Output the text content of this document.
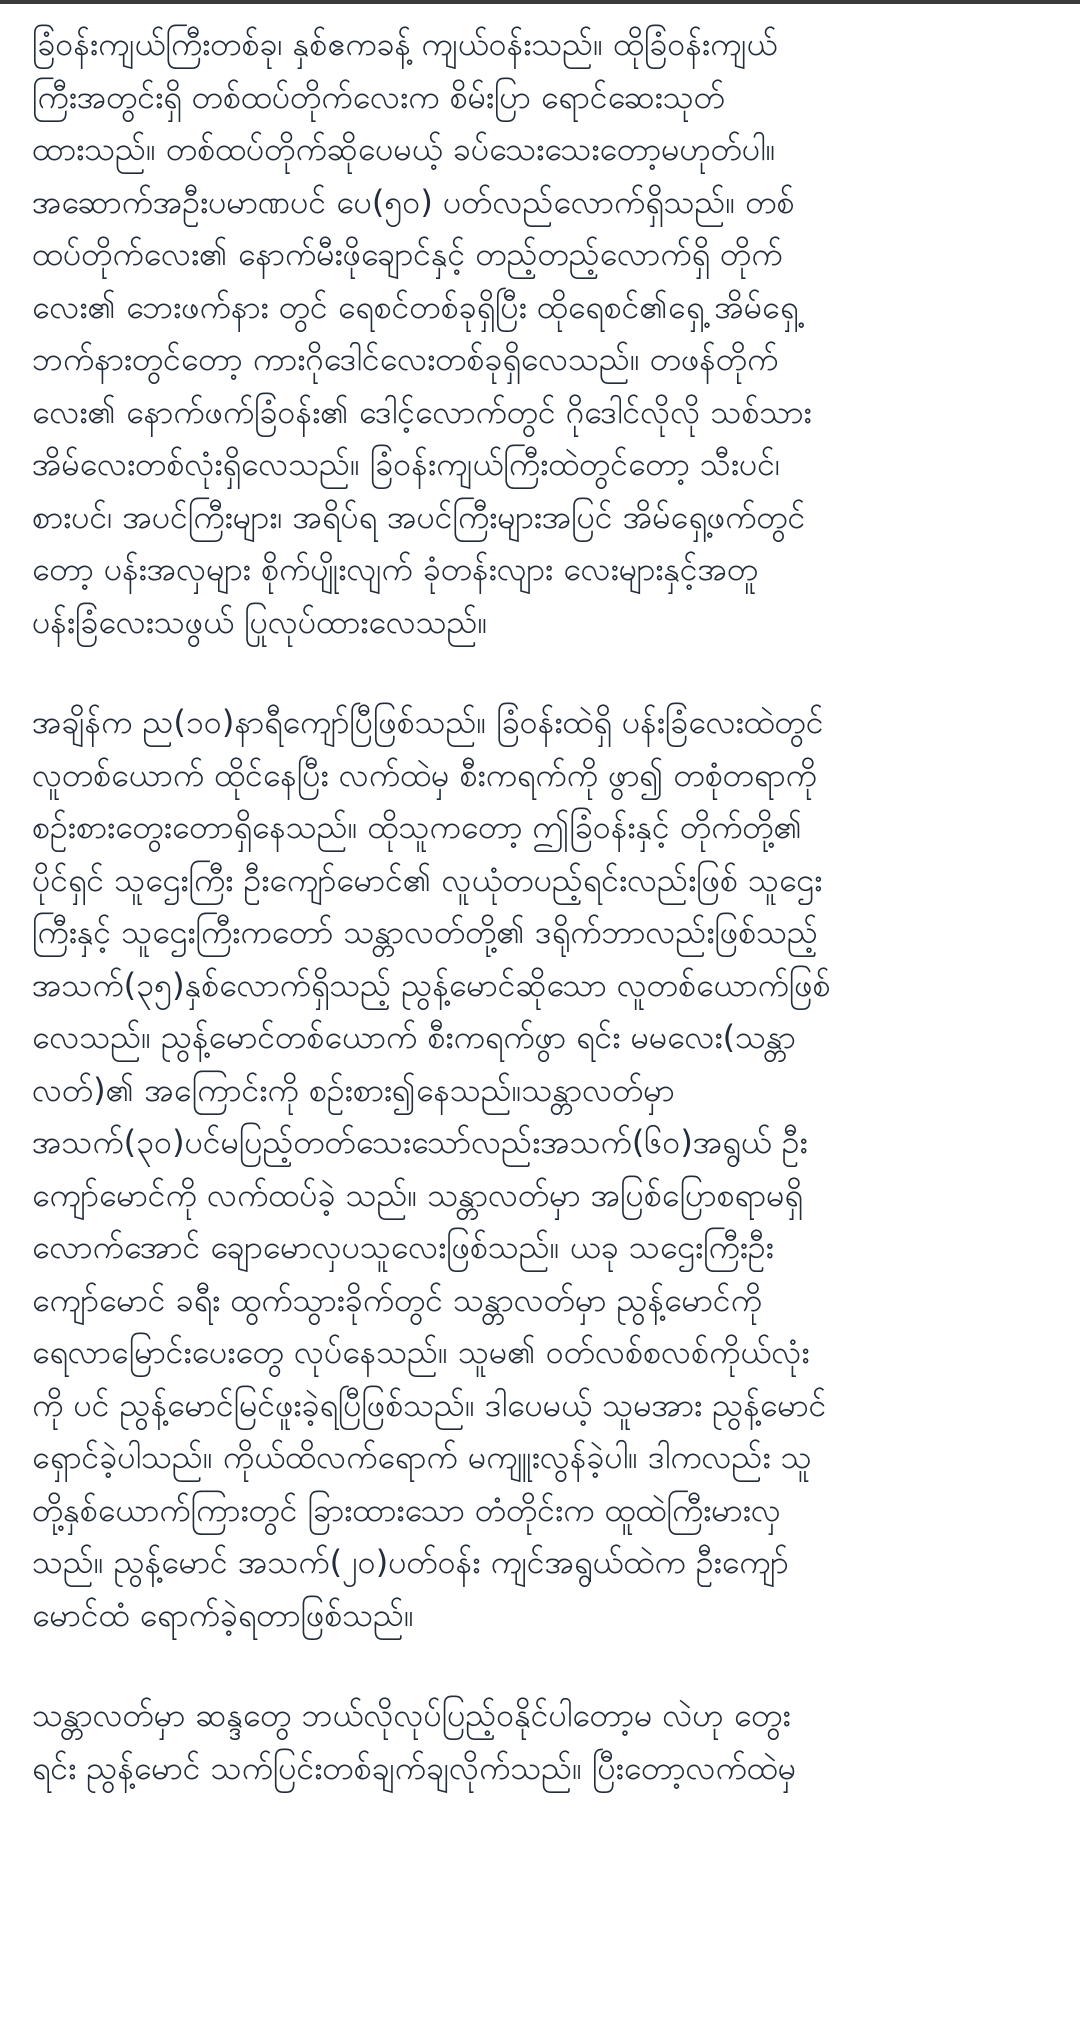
ခြံဝန်းကျယ်ကြီးတစ်ခု၊ နှစ်ဧကခန့် ကျယ်ဝန်းသည်။ ထိုခြံဝန်းကျယ်
ကြီးအတွင်းရှိ တစ်ထပ်တိုက်လေးက စိမ်းပြာ ရောင်ဆေးသုတ်
ထားသည်။ တစ်ထပ်တိုက်ဆိုပေမယ့် ခပ်သေးသေးတော့မဟုတ်ပါ။
အဆောက်အဦးပမာဏပင် ပေ(၅၀) ပတ်လည်လောက်ရှိသည်။ တစ်
ထပ်တိုက်လေး၏ နောက်မီးဖိုချောင်နှင့် တည့်တည့်လောက်ရှိ တိုက်
လေး၏ ဘေးဖက်နား တွင် ရေစင်တစ်ခုရှိပြီး ထိုရေစင်၏ရှေ့ အိမ်ရှေ့
ဘက်နားတွင်တော့ ကားဂိုဒေါင်လေးတစ်ခုရှိလေသည်။ တဖန်တိုက်
လေး၏ နောက်ဖက်ခြံဝန်း၏ ဒေါင့်လောက်တွင် ဂိုဒေါင်လိုလို သစ်သား
အိမ်လေးတစ်လုံးရှိလေသည်။ ခြံဝန်းကျယ်ကြီးထဲတွင်တော့ သီးပင်၊
စားပင်၊ အပင်ကြီးများ၊ အရိပ်ရ အပင်ကြီးများအပြင် အိမ်ရှေ့ဖက်တွင်
တော့ ပန်းအလှများ စိုက်ပျိုးလျက် ခုံတန်းလျား လေးများနှင့်အတူ
ပန်းခြံလေးသဖွယ် ပြုလုပ်ထားလေသည်။

အချိန်က ည(၁၀)နာရီကျော်ပြီဖြစ်သည်။ ခြံဝန်းထဲရှိ ပန်းခြံလေးထဲတွင်
လူတစ်ယောက် ထိုင်နေပြီး လက်ထဲမှ စီးကရက်ကို ဖွာ၍ တစုံတရာကို
စဉ်းစားတွေးတောရှိနေသည်။ ထိုသူကတော့ ဤခြံဝန်းနှင့် တိုက်တို့၏
ပိုင်ရှင် သူဌေးကြီး ဦးကျော်မောင်၏ လူယုံတပည့်ရင်းလည်းဖြစ် သူဌေး
ကြီးနှင့် သူဌေးကြီးကတော် သန္တာလတ်တို့၏ ဒရိုက်ဘာလည်းဖြစ်သည့်
အသက်(၃၅)နှစ်လောက်ရှိသည့် ညွန့်မောင်ဆိုသော လူတစ်ယောက်ဖြစ်
လေသည်။ ညွန့်မောင်တစ်ယောက် စီးကရက်ဖွာ ရင်း မမလေး(သန္တာ
လတ်)၏ အကြောင်းကို စဉ်းစား၍နေသည်။သန္တာလတ်မှာ
အသက်(၃၀)ပင်မပြည့်တတ်သေးသော်လည်းအသက်(၆၀)အရွယ် ဦး
ကျော်မောင်ကို လက်ထပ်ခဲ့ သည်။ သန္တာလတ်မှာ အပြစ်ပြောစရာမရှိ
လောက်အောင် ချောမောလှပသူလေးဖြစ်သည်။ ယခု သဌေးကြီးဦး
ကျော်မောင် ခရီး ထွက်သွားခိုက်တွင် သန္တာလတ်မှာ ညွန့်မောင်ကို
ရေလာမြောင်းပေးတွေ လုပ်နေသည်။ သူမ၏ ဝတ်လစ်စလစ်ကိုယ်လုံး
ကို ပင် ညွန့်မောင်မြင်ဖူးခဲ့ရပြီဖြစ်သည်။ ဒါပေမယ့် သူမအား ညွန့်မောင်
ရှောင်ခဲ့ပါသည်။ ကိုယ်ထိလက်ရောက် မကျူးလွန်ခဲ့ပါ။ ဒါကလည်း သူ
တို့နှစ်ယောက်ကြားတွင် ခြားထားသော တံတိုင်းက ထူထဲကြီးမားလှ
သည်။ ညွန့်မောင် အသက်(၂၀)ပတ်ဝန်း ကျင်အရွယ်ထဲက ဦးကျော်
မောင်ထံ ရောက်ခဲ့ရတာဖြစ်သည်။

သန္တာလတ်မှာ ဆန္ဒတွေ ဘယ်လိုလုပ်ပြည့်ဝနိုင်ပါတော့မ လဲဟု တွေး
ရင်း ညွန့်မောင် သက်ပြင်းတစ်ချက်ချလိုက်သည်။ ပြီးတော့လက်ထဲမှ
